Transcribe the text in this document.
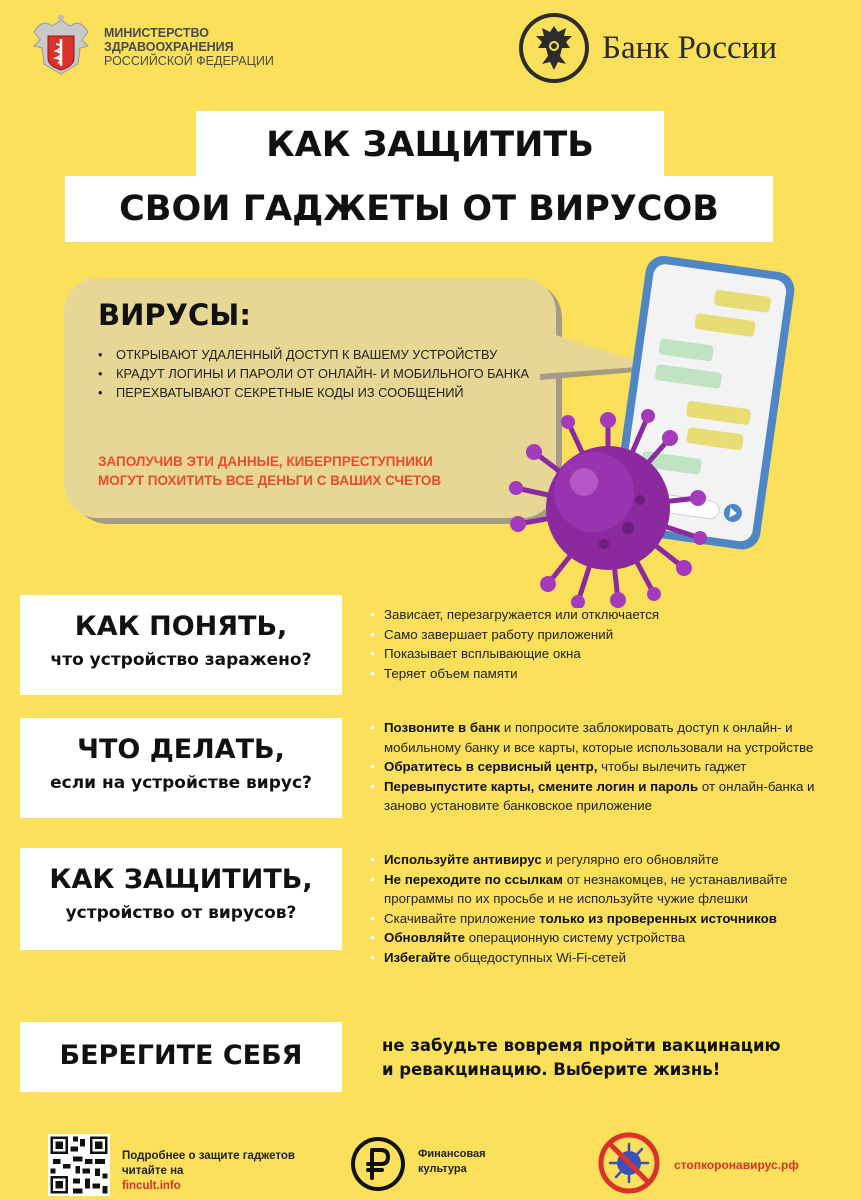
МИНИСТЕРСТВО
ЗДРАВООХРАНЕНИЯ
РОССИЙСКОЙ ФЕДЕРАЦИИ	Банк России
КАК ЗАЩИТИТЬ
СВОИ ГАДЖЕТЫ ОТ ВИРУСОВ
ВИРУСЫ:
• ОТКРЫВАЮТ УДАЛЕННЫЙ ДОСТУП К ВАШЕМУ УСТРОЙСТВУ
• КРАДУТ ЛОГИНЫ И ПАРОЛИ ОТ ОНЛАЙН- И МОБИЛЬНОГО БАНКА
• ПЕРЕХВАТЫВАЮТ СЕКРЕТНЫЕ КОДЫ ИЗ СООБЩЕНИЙ
ЗАПОЛУЧИВ ЭТИ ДАННЫЕ, КИБЕРПРЕСТУПНИКИ
МОГУТ ПОХИТИТЬ ВСЕ ДЕНЬГИ С ВАШИХ СЧЕТОВ
КАК ПОНЯТЬ,
что устройство заражено?
• Зависает, перезагружается или отключается
• Само завершает работу приложений
• Показывает всплывающие окна
• Теряет объем памяти
ЧТО ДЕЛАТЬ,
если на устройстве вирус?
• Позвоните в банк и попросите заблокировать доступ к онлайн- и мобильному банку и все карты, которые использовали на устройстве
• Обратитесь в сервисный центр, чтобы вылечить гаджет
• Перевыпустите карты, смените логин и пароль от онлайн-банка и заново установите банковское приложение
КАК ЗАЩИТИТЬ,
устройство от вирусов?
• Используйте антивирус и регулярно его обновляйте
• Не переходите по ссылкам от незнакомцев, не устанавливайте программы по их просьбе и не используйте чужие флешки
• Скачивайте приложение только из проверенных источников
• Обновляйте операционную систему устройства
• Избегайте общедоступных Wi-Fi-сетей
БЕРЕГИТЕ СЕБЯ	не забудьте вовремя пройти вакцинацию
и ревакцинацию. Выберите жизнь!
Подробнее о защите гаджетов
читайте на
fincult.info
Финансовая
культура	стопкоронавирус.рф
